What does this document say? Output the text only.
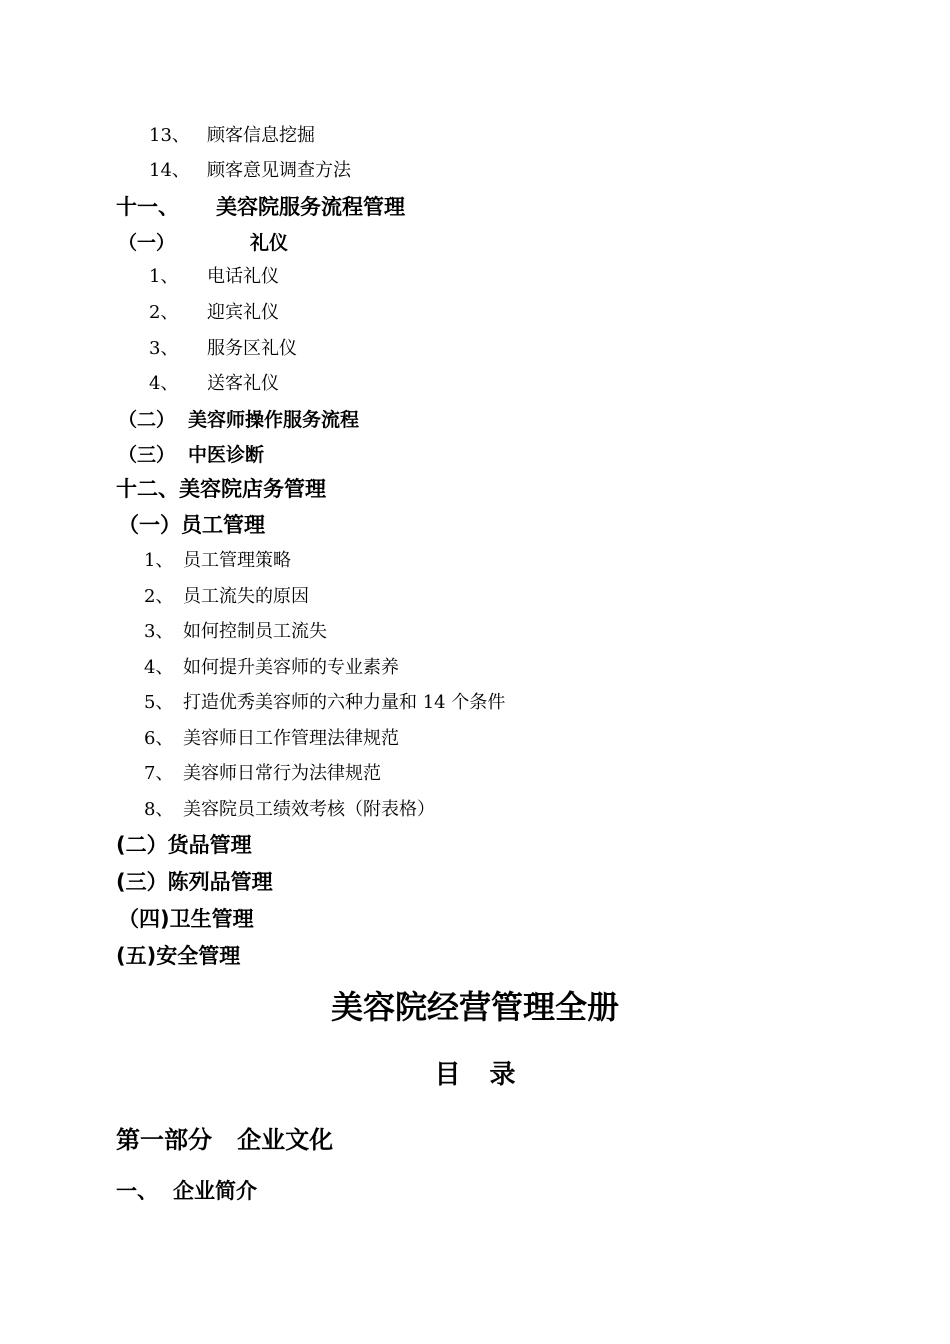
13、 顾客信息挖掘
14、 顾客意见调查方法
十一、 美容院服务流程管理
（一）	礼仪
1、 电话礼仪
2、 迎宾礼仪
3、 服务区礼仪
4、 送客礼仪
（二） 美容师操作服务流程
（三） 中医诊断
十二、美容院店务管理
（一）员工管理
1、 员工管理策略
2、 员工流失的原因
3、 如何控制员工流失
4、 如何提升美容师的专业素养
5、 打造优秀美容师的六种力量和 14 个条件
6、 美容师日工作管理法律规范
7、 美容师日常行为法律规范
8、 美容院员工绩效考核（附表格）
(二）货品管理
(三）陈列品管理
（四)卫生管理
(五)安全管理
美容院经营管理全册
目 录
第一部分   企业文化
一、 企业简介
